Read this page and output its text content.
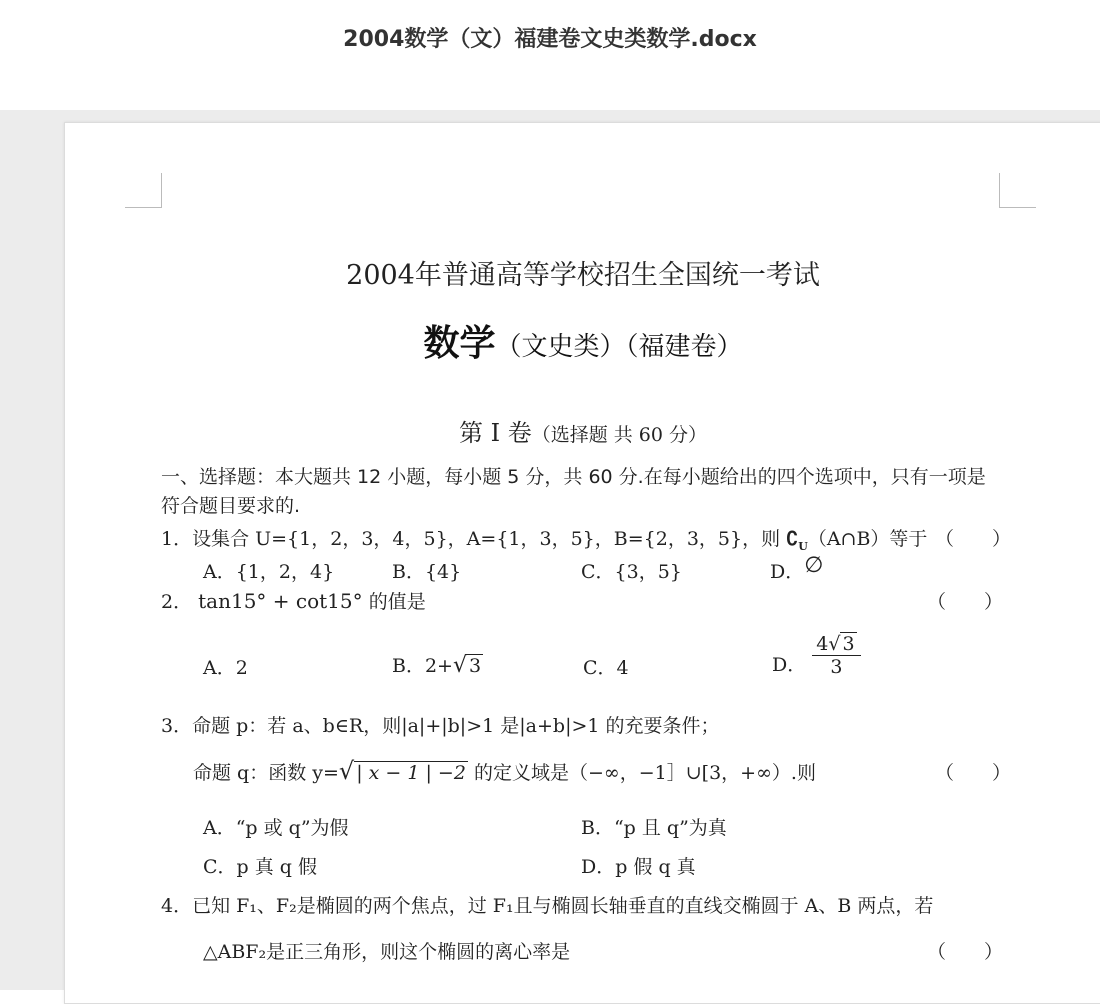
2004数学（文）福建卷文史类数学.docx
2004年普通高等学校招生全国统一考试
数学（文史类）（福建卷）
第 Ⅰ 卷（选择题 共 60 分）
一、选择题：本大题共 12 小题，每小题 5 分，共 60 分.在每小题给出的四个选项中，只有一项是符合题目要求的.
1．设集合 U={1，2，3，4，5}，A={1，3，5}，B={2，3，5}，则 $∁_U(A\cap B)$等于 （　　）
A．{1，2，4}	B．{4}	C．{3，5}	D．∅
2． tan15° + cot15° 的值是	（　　）
A．2	B．2+√ 3	C．4	D． $\frac{4√ 3}{3}$
3．命题 p：若 a、b∈R，则|a|+|b|>1 是|a+b|>1 的充要条件；
命题 q：函数 y=√ | x − 1 | −2 的定义域是（−∞，−1］∪[3，+∞）.则	（　　）
A．“p 或 q”为假	B．“p 且 q”为真
C．p 真 q 假	D．p 假 q 真
4．已知 F₁、F₂是椭圆的两个焦点，过 F₁且与椭圆长轴垂直的直线交椭圆于 A、B 两点，若
△ABF₂是正三角形，则这个椭圆的离心率是	（　　）
